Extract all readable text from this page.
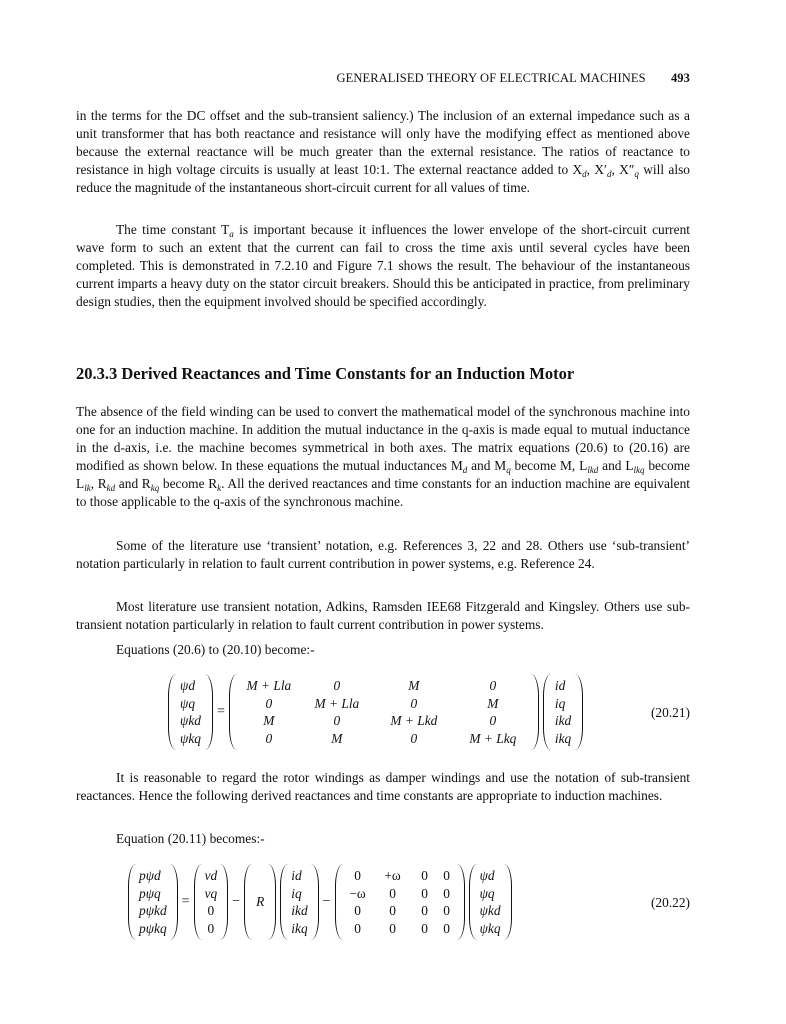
GENERALISED THEORY OF ELECTRICAL MACHINES 493

in the terms for the DC offset and the sub-transient saliency.) The inclusion of an external impedance such as a unit transformer that has both reactance and resistance will only have the modifying effect as mentioned above because the external reactance will be much greater than the external resistance. The ratios of reactance to resistance in high voltage circuits is usually at least 10:1. The external reactance added to $X_d$, $X'_d$, $X''_q$ will also reduce the magnitude of the instantaneous short-circuit current for all values of time.

The time constant $T_a$ is important because it influences the lower envelope of the short-circuit current wave form to such an extent that the current can fail to cross the time axis until several cycles have been completed. This is demonstrated in 7.2.10 and Figure 7.1 shows the result. The behaviour of the instantaneous current imparts a heavy duty on the stator circuit breakers. Should this be anticipated in practice, from preliminary design studies, then the equipment involved should be specified accordingly.

20.3.3 Derived Reactances and Time Constants for an Induction Motor

The absence of the field winding can be used to convert the mathematical model of the synchronous machine into one for an induction machine. In addition the mutual inductance in the q-axis is made equal to mutual inductance in the d-axis, i.e. the machine becomes symmetrical in both axes. The matrix equations (20.6) to (20.16) are modified as shown below. In these equations the mutual inductances $M_d$ and $M_q$ become M, $L_{lkd}$ and $L_{lkq}$ become $L_{lk}$, $R_{kd}$ and $R_{kq}$ become $R_k$. All the derived reactances and time constants for an induction machine are equivalent to those applicable to the q-axis of the synchronous machine.

Some of the literature use ‘transient’ notation, e.g. References 3, 22 and 28. Others use ‘sub-transient’ notation particularly in relation to fault current contribution in power systems, e.g. Reference 24.

Most literature use transient notation, Adkins, Ramsden IEE68 Fitzgerald and Kingsley. Others use sub-transient notation particularly in relation to fault current contribution in power systems.

Equations (20.6) to (20.10) become:-

ψd
ψq
ψkd
ψkq
=
M + Lla	0	M	0
0	M + Lla	0	M
M	0	M + Lkd	0
0	M	0	M + Lkq
id
iq
ikd
ikq
(20.21)

It is reasonable to regard the rotor windings as damper windings and use the notation of sub-transient reactances. Hence the following derived reactances and time constants are appropriate to induction machines.

Equation (20.11) becomes:-

pψd
pψq
pψkd
pψkq
=
vd
vq
0
0
− R
id
iq
ikd
ikq
−
0	+ω	0	0
−ω	0	0	0
0	0	0	0
0	0	0	0
ψd
ψq
ψkd
ψkq
(20.22)
